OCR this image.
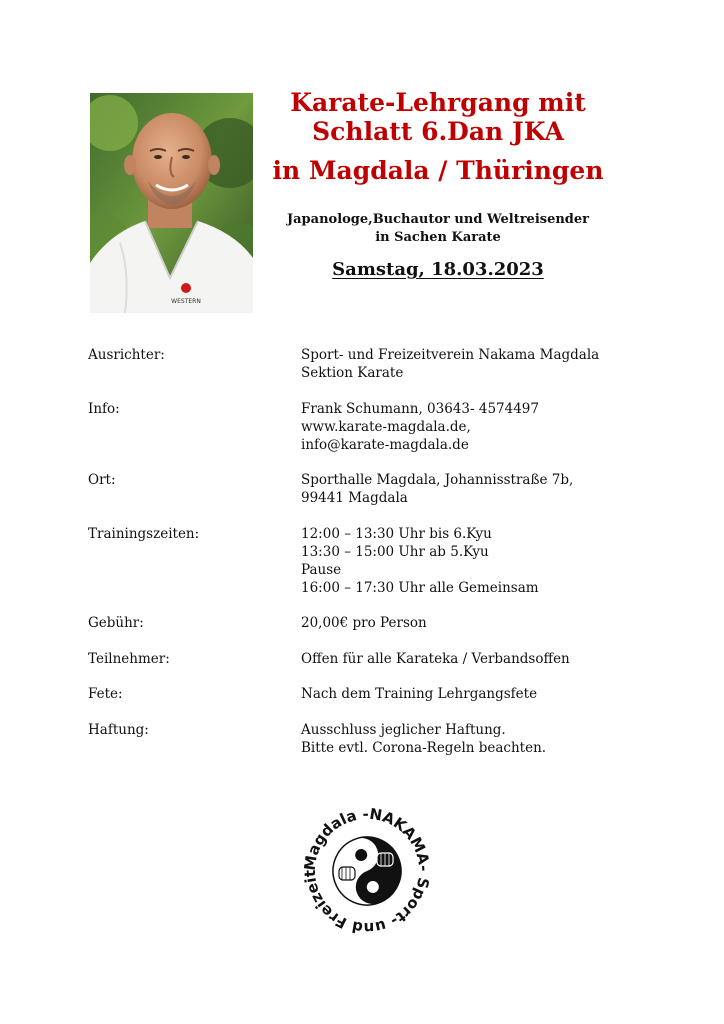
WESTERN
Karate-Lehrgang mit
Schlatt 6.Dan JKA
in Magdala / Thüringen
Japanologe,Buchautor und Weltreisender
in Sachen Karate
Samstag, 18.03.2023
Ausrichter:	Sport- und Freizeitverein Nakama Magdala
Sektion Karate
Info:	Frank Schumann, 03643- 4574497
www.karate-magdala.de,
info@karate-magdala.de
Ort:	Sporthalle Magdala, Johannisstraße 7b,
99441 Magdala
Trainingszeiten:	12:00 – 13:30 Uhr bis 6.Kyu
13:30 – 15:00 Uhr ab 5.Kyu
Pause
16:00 – 17:30 Uhr alle Gemeinsam
Gebühr:	20,00€ pro Person
Teilnehmer:	Offen für alle Karateka / Verbandsoffen
Fete:	Nach dem Training Lehrgangsfete
Haftung:	Ausschluss jeglicher Haftung.
Bitte evtl. Corona-Regeln beachten.
Magdala -NAKAMA- Sport- und Freizeit
